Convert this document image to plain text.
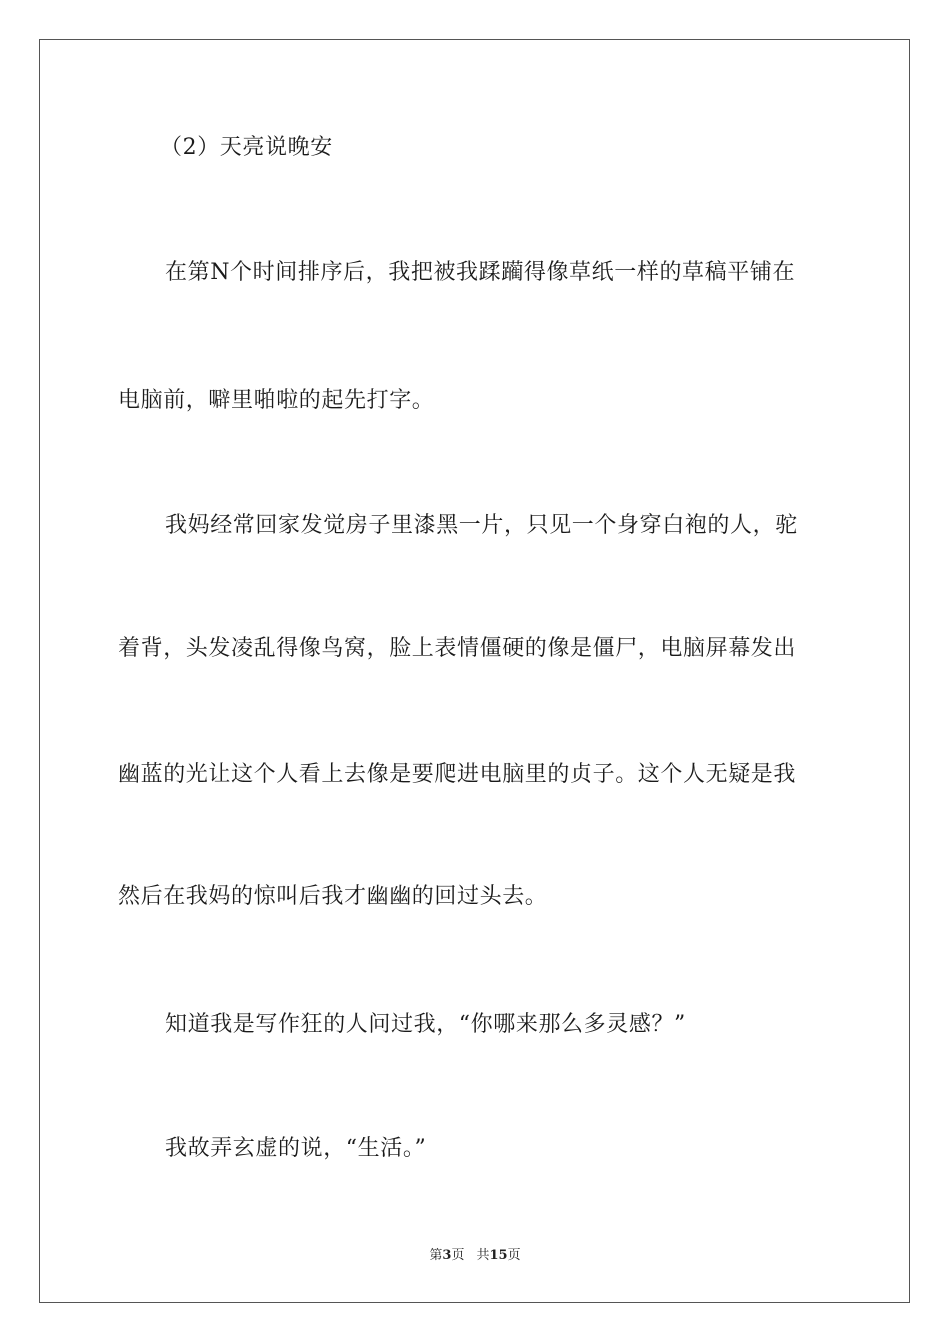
（2）天亮说晚安
在第N个时间排序后，我把被我蹂躏得像草纸一样的草稿平铺在
电脑前，噼里啪啦的起先打字。
我妈经常回家发觉房子里漆黑一片，只见一个身穿白袍的人，驼
着背，头发凌乱得像鸟窝，脸上表情僵硬的像是僵尸，电脑屏幕发出
幽蓝的光让这个人看上去像是要爬进电脑里的贞子。这个人无疑是我
然后在我妈的惊叫后我才幽幽的回过头去。
知道我是写作狂的人问过我，“你哪来那么多灵感？”
我故弄玄虚的说，“生活。”
第3页 共15页
